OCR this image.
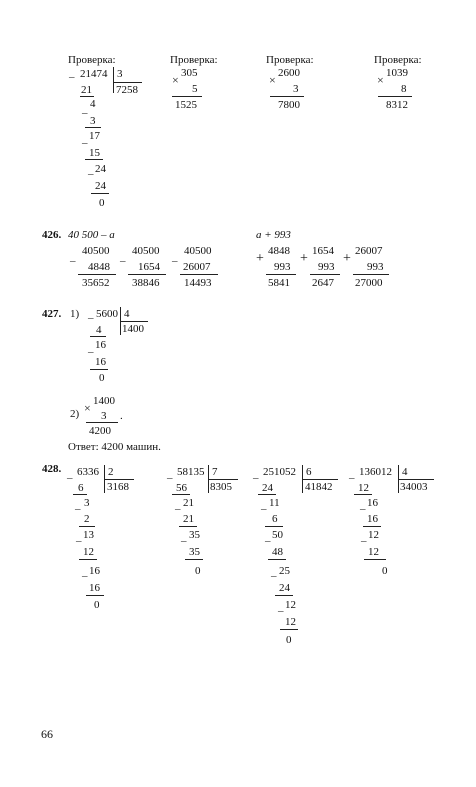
Проверка:	Проверка:	Проверка:	Проверка:
– 21474 3
7258
21
–
4
3
–
17
15
– 24
24
0
× 305
5
1525
× 2600
3
7800
× 1039
8
8312
426. 40 500 – a	a + 993
–
40500
4848
35652
–
40500
1654
38846
–
40500
26007
14493
+ 4848
993
5841
+ 1654
993
2647
+ 26007
993
27000
427. 1) – 5600 4
1400
4
–
16
16
0
2) × 1400
3 .
4200
Ответ: 4200 машин.
428.
– 6336 2
3168
6
– 3
2
– 13
12
– 16
16
0
– 58135 7
8305
56
– 21
21
– 35
35
0
– 251052 6
41842
24
– 11
6
– 50
48
– 25
24
– 12
12
0
– 136012 4
34003
12
– 16
16
– 12
12
0
66
